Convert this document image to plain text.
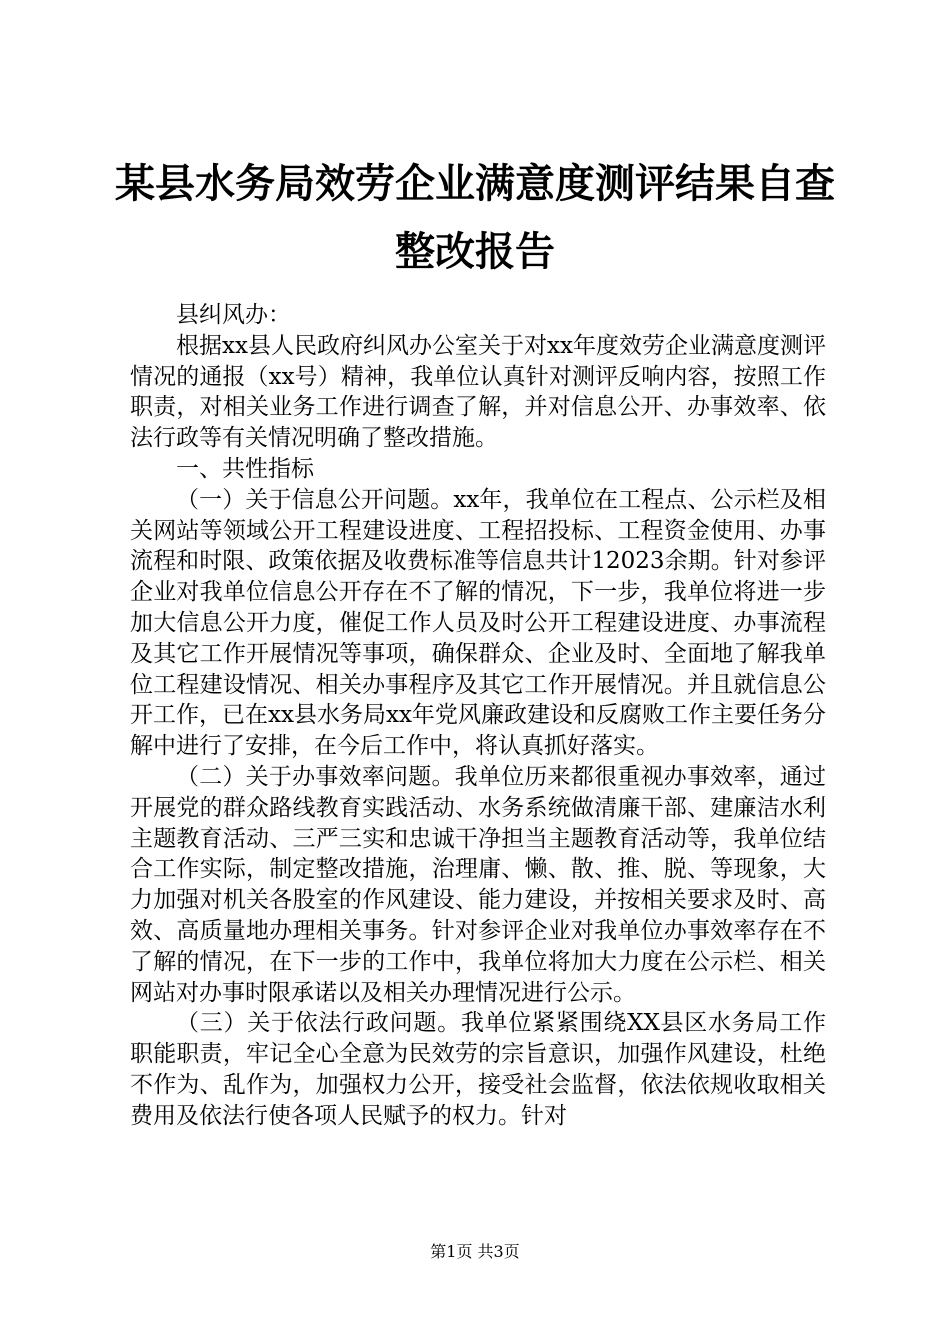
某县水务局效劳企业满意度测评结果自查整改报告

县纠风办：

根据xx县人民政府纠风办公室关于对xx年度效劳企业满意度测评情况的通报（xx号）精神，我单位认真针对测评反响内容，按照工作职责，对相关业务工作进行调查了解，并对信息公开、办事效率、依法行政等有关情况明确了整改措施。

一、共性指标

（一）关于信息公开问题。xx年，我单位在工程点、公示栏及相关网站等领域公开工程建设进度、工程招投标、工程资金使用、办事流程和时限、政策依据及收费标准等信息共计12023余期。针对参评企业对我单位信息公开存在不了解的情况，下一步，我单位将进一步加大信息公开力度，催促工作人员及时公开工程建设进度、办事流程及其它工作开展情况等事项，确保群众、企业及时、全面地了解我单位工程建设情况、相关办事程序及其它工作开展情况。并且就信息公开工作，已在xx县水务局xx年党风廉政建设和反腐败工作主要任务分解中进行了安排，在今后工作中，将认真抓好落实。

（二）关于办事效率问题。我单位历来都很重视办事效率，通过开展党的群众路线教育实践活动、水务系统做清廉干部、建廉洁水利主题教育活动、三严三实和忠诚干净担当主题教育活动等，我单位结合工作实际，制定整改措施，治理庸、懒、散、推、脱、等现象，大力加强对机关各股室的作风建设、能力建设，并按相关要求及时、高效、高质量地办理相关事务。针对参评企业对我单位办事效率存在不了解的情况，在下一步的工作中，我单位将加大力度在公示栏、相关网站对办事时限承诺以及相关办理情况进行公示。

（三）关于依法行政问题。我单位紧紧围绕XX县区水务局工作职能职责，牢记全心全意为民效劳的宗旨意识，加强作风建设，杜绝不作为、乱作为，加强权力公开，接受社会监督，依法依规收取相关费用及依法行使各项人民赋予的权力。针对

第1页 共3页
